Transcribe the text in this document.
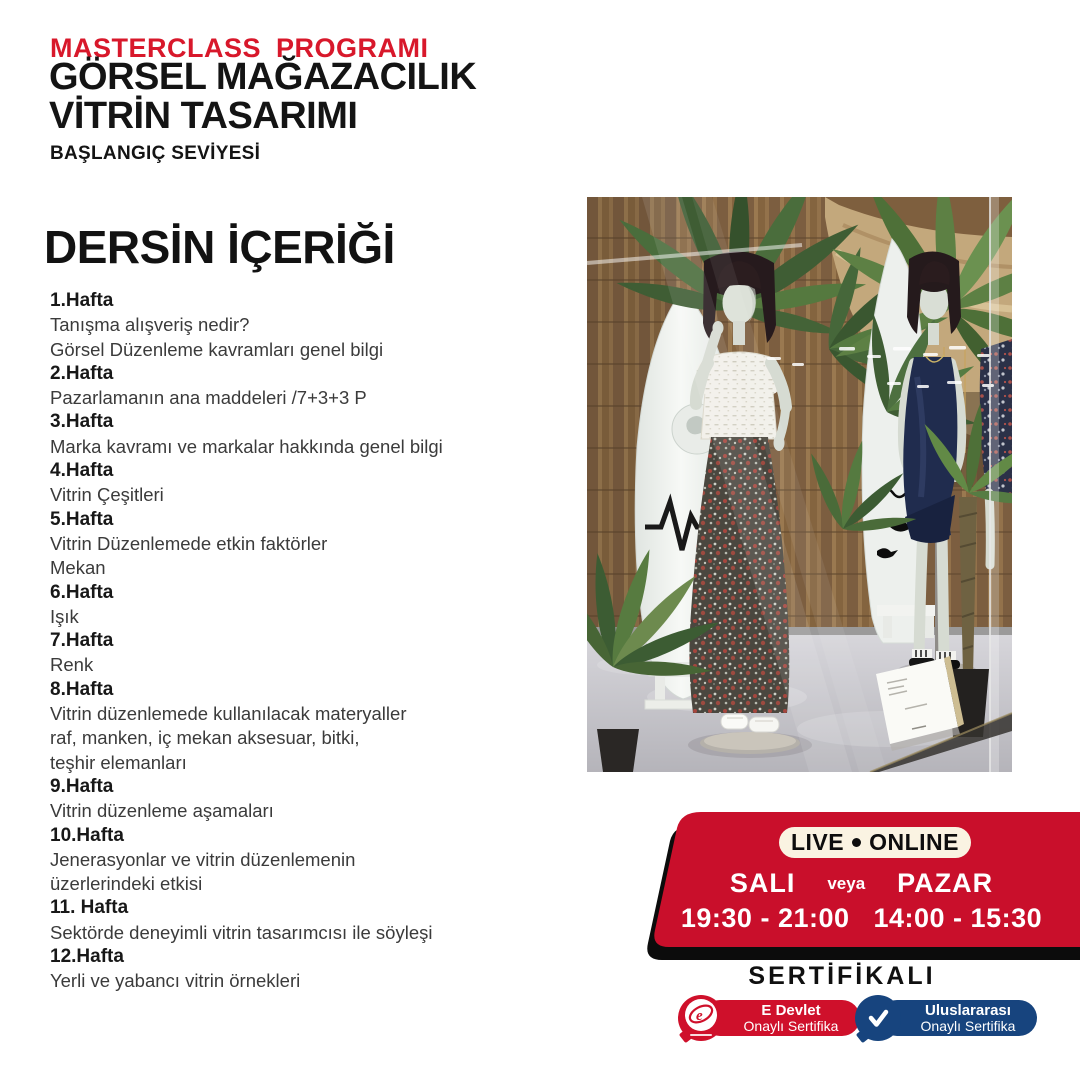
MASTERCLASS PROGRAMI
GÖRSEL MAĞAZACILIK
VİTRİN TASARIMI
BAŞLANGIÇ SEVİYESİ
DERSİN İÇERİĞİ
1.Hafta
Tanışma alışveriş nedir?
Görsel Düzenleme kavramları genel bilgi
2.Hafta
Pazarlamanın ana maddeleri /7+3+3 P
3.Hafta
Marka kavramı ve markalar hakkında genel bilgi
4.Hafta
Vitrin Çeşitleri
5.Hafta
Vitrin Düzenlemede etkin faktörler
Mekan
6.Hafta
Işık
7.Hafta
Renk
8.Hafta
Vitrin düzenlemede kullanılacak materyaller
raf, manken, iç mekan aksesuar, bitki,
teşhir elemanları
9.Hafta
Vitrin düzenleme aşamaları
10.Hafta
Jenerasyonlar ve vitrin düzenlemenin
üzerlerindeki etkisi
11. Hafta
Sektörde deneyimli vitrin tasarımcısı ile söyleşi
12.Hafta
Yerli ve yabancı vitrin örnekleri
LIVE ONLINE
SALI veya PAZAR
19:30 - 21:00 14:00 - 15:30
SERTİFİKALI
E Devlet
Onaylı Sertifika
e	Uluslararası
Onaylı Sertifika
